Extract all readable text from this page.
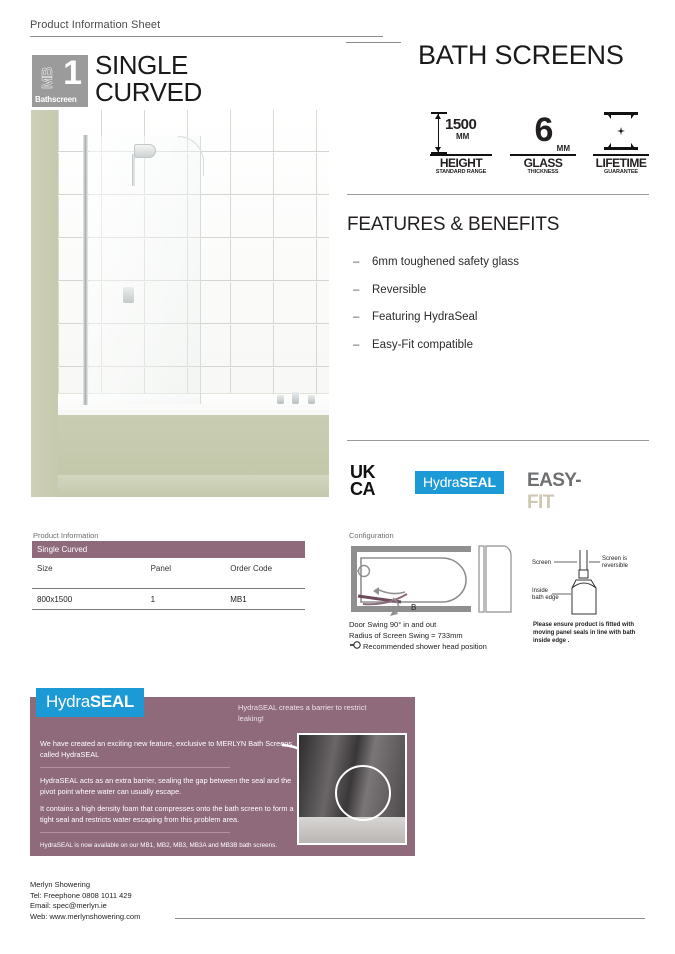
Product Information Sheet
MB 1
Bathscreen
SINGLE
CURVED
BATH SCREENS
1500
MM
HEIGHT
STANDARD RANGE
6 MM
GLASS
THICKNESS
LIFETIME
GUARANTEE
FEATURES & BENEFITS
– 6mm toughened safety glass
– Reversible
– Featuring HydraSeal
– Easy-Fit compatible
UK
CA	HydraSEAL	EASY-FIT
Product Information
Single Curved
Size	Panel	Order Code
800x1500	1	MB1
Configuration
B
Door Swing 90° in and out
Radius of Screen Swing = 733mm
Recommended shower head position
Screen
Screen is
reversible
Inside
bath edge
Please ensure product is fitted with moving panel seals in line with bath inside edge .
HydraSEAL	HydraSEAL creates a barrier to restrict leaking!

We have created an exciting new feature, exclusive to MERLYN Bath Screens called HydraSEAL

HydraSEAL acts as an extra barrier, sealing the gap between the seal and the pivot point where water can usually escape.

It contains a high density foam that compresses onto the bath screen to form a tight seal and restricts water escaping from this problem area.

HydraSEAL is now available on our MB1, MB2, MB3, MB3A and MB3B bath screens.
Merlyn Showering
Tel: Freephone 0808 1011 429
Email: spec@merlyn.ie
Web: www.merlynshowering.com
